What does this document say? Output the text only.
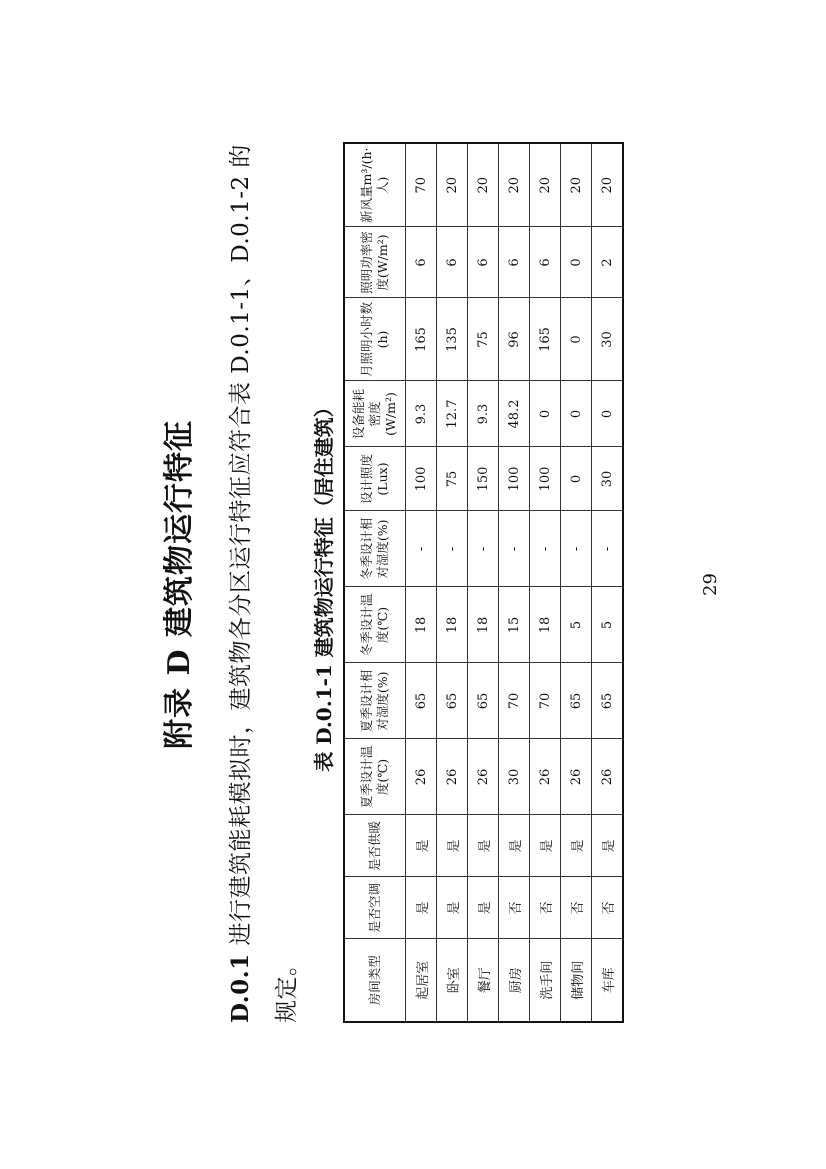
附录 D 建筑物运行特征
D.0.1 进行建筑能耗模拟时，建筑物各分区运行特征应符合表 D.0.1-1、D.0.1-2 的规定。
表 D.0.1-1 建筑物运行特征（居住建筑）
房间类型	是否空调	是否供暖	夏季设计温度(℃)	夏季设计相对湿度(%)	冬季设计温度(℃)	冬季设计相对湿度(%)	设计照度(Lux)	设备能耗密度(W/m²)	月照明小时数(h)	照明功率密度(W/m²)	新风量m³/(h·人)
起居室	是	是	26	65	18	-	100	9.3	165	6	70
卧室	是	是	26	65	18	-	75	12.7	135	6	20
餐厅	是	是	26	65	18	-	150	9.3	75	6	20
厨房	否	是	30	70	15	-	100	48.2	96	6	20
洗手间	否	是	26	70	18	-	100	0	165	6	20
储物间	否	是	26	65	5	-	0	0	0	0	20
车库	否	是	26	65	5	-	30	0	30	2	20
29
